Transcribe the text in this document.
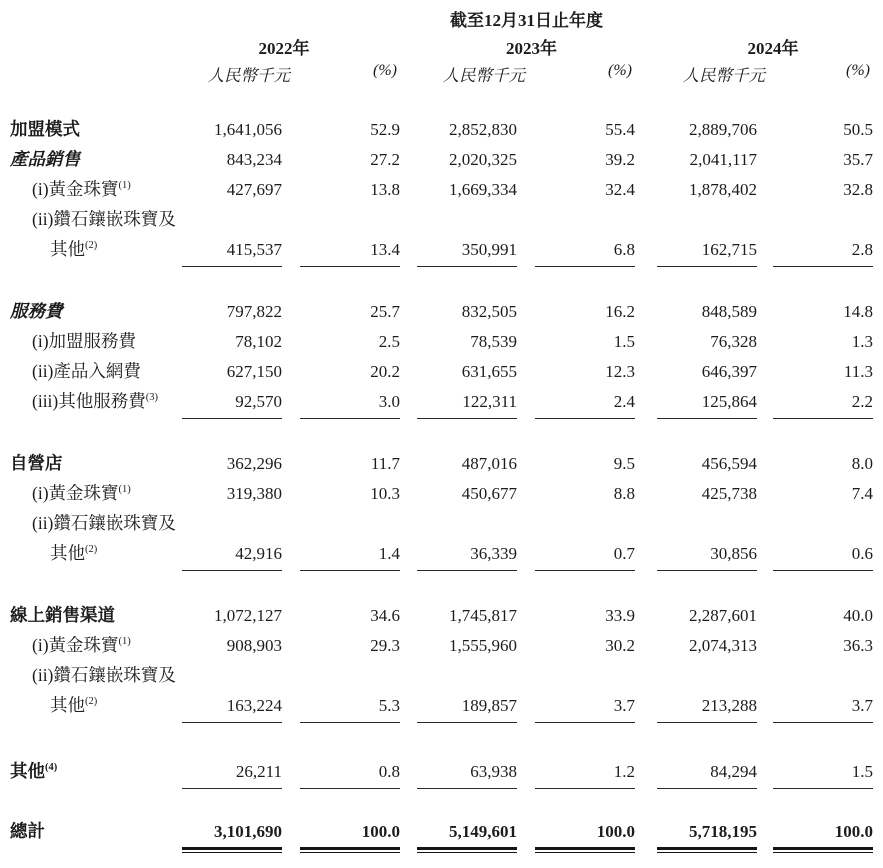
			截至12月31日止年度			
	2022年		2023年		2024年	
	人民幣千元	(%)	人民幣千元	(%)	人民幣千元	(%)

加盟模式	1,641,056	52.9	2,852,830	55.4	2,889,706	50.5
產品銷售	843,234	27.2	2,020,325	39.2	2,041,117	35.7
(i)黃金珠寶$^{(1)}$	427,697	13.8	1,669,334	32.4	1,878,402	32.8
(ii)鑽石鑲嵌珠寶及						
其他$^{(2)}$	415,537	13.4	350,991	6.8	162,715	2.8

服務費	797,822	25.7	832,505	16.2	848,589	14.8
(i)加盟服務費	78,102	2.5	78,539	1.5	76,328	1.3
(ii)產品入網費	627,150	20.2	631,655	12.3	646,397	11.3
(iii)其他服務費$^{(3)}$	92,570	3.0	122,311	2.4	125,864	2.2

自營店	362,296	11.7	487,016	9.5	456,594	8.0
(i)黃金珠寶$^{(1)}$	319,380	10.3	450,677	8.8	425,738	7.4
(ii)鑽石鑲嵌珠寶及						
其他$^{(2)}$	42,916	1.4	36,339	0.7	30,856	0.6

線上銷售渠道	1,072,127	34.6	1,745,817	33.9	2,287,601	40.0
(i)黃金珠寶$^{(1)}$	908,903	29.3	1,555,960	30.2	2,074,313	36.3
(ii)鑽石鑲嵌珠寶及						
其他$^{(2)}$	163,224	5.3	189,857	3.7	213,288	3.7

其他$^{(4)}$	26,211	0.8	63,938	1.2	84,294	1.5

總計	3,101,690	100.0	5,149,601	100.0	5,718,195	100.0
